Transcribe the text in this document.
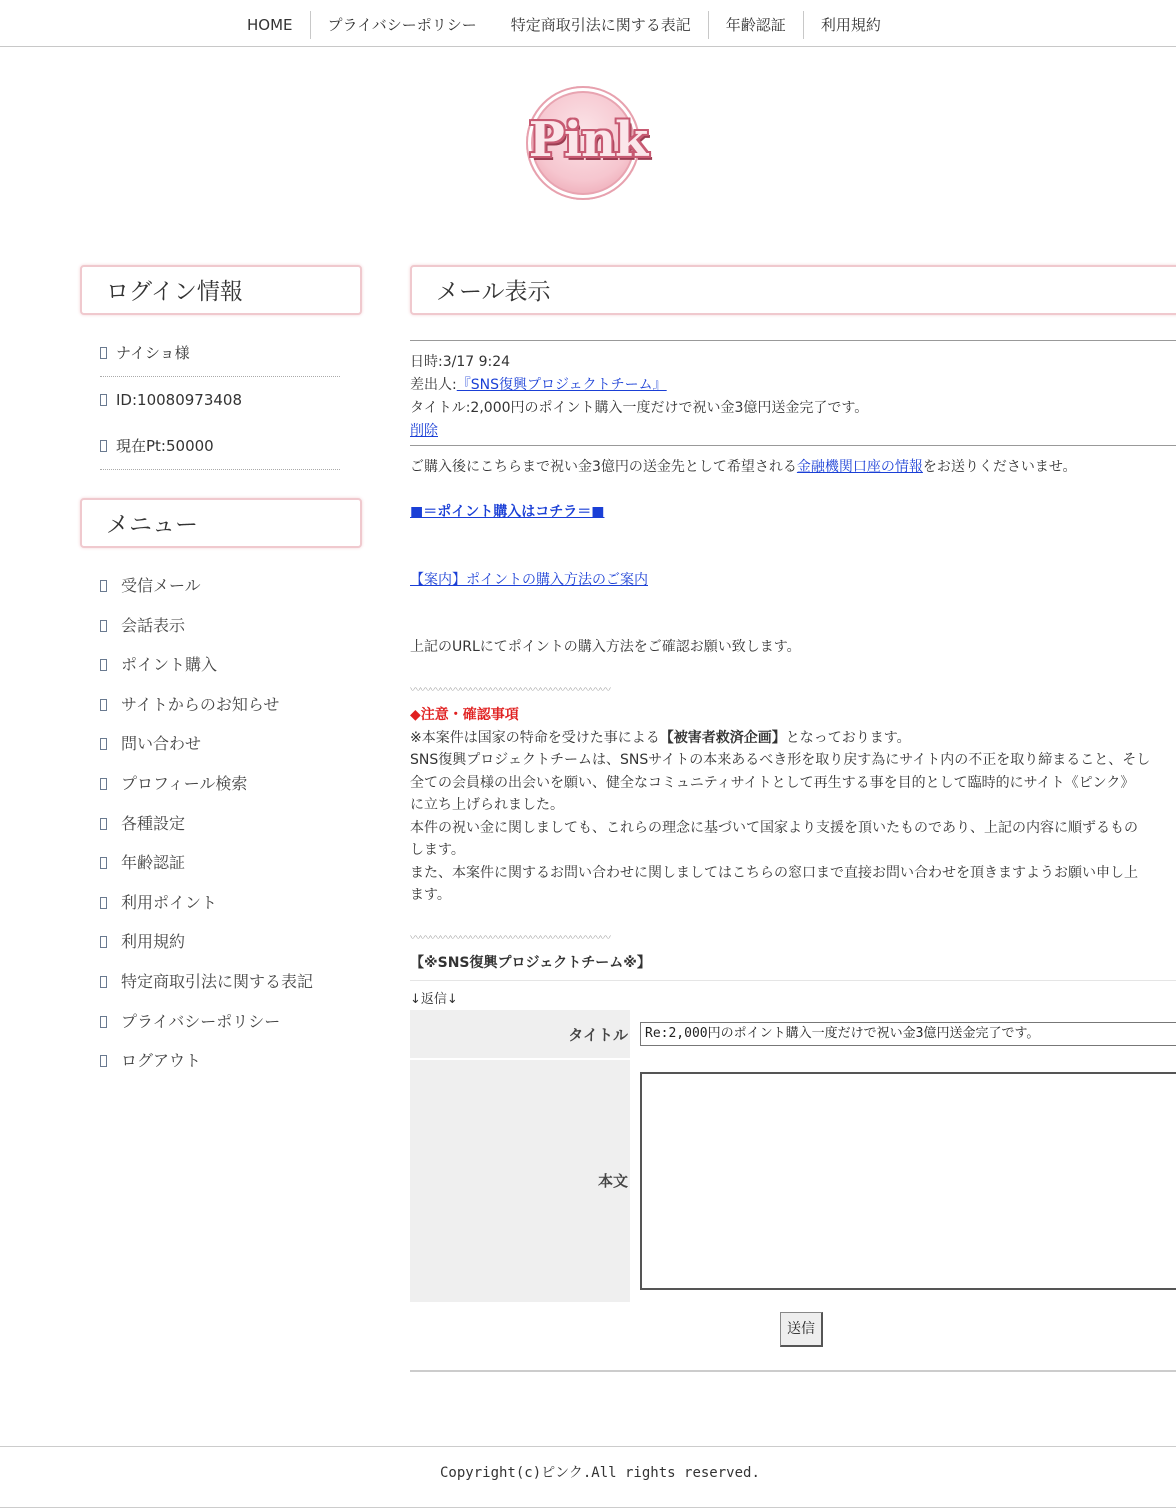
HOME	プライバシーポリシー	特定商取引法に関する表記	年齢認証	利用規約
Pink
ログイン情報
ナイショ様
ID:10080973408
現在Pt:50000
メニュー
受信メール
会話表示
ポイント購入
サイトからのお知らせ
問い合わせ
プロフィール検索
各種設定
年齢認証
利用ポイント
利用規約
特定商取引法に関する表記
プライバシーポリシー
ログアウト
メール表示
日時:3/17 9:24
差出人:『SNS復興プロジェクトチーム』
タイトル:2,000円のポイント購入一度だけで祝い金3億円送金完了です。
削除
ご購入後にこちらまで祝い金3億円の送金先として希望される金融機関口座の情報をお送りくださいませ。
■＝ポイント購入はコチラ＝■
【案内】ポイントの購入方法のご案内
上記のURLにてポイントの購入方法をご確認お願い致します。
〰〰〰〰〰〰〰〰〰〰〰〰〰〰〰〰〰〰〰〰
◆注意・確認事項
※本案件は国家の特命を受けた事による【被害者救済企画】となっております。
SNS復興プロジェクトチームは、SNSサイトの本来あるべき形を取り戻す為にサイト内の不正を取り締まること、そし
全ての会員様の出会いを願い、健全なコミュニティサイトとして再生する事を目的として臨時的にサイト《ピンク》
に立ち上げられました。
本件の祝い金に関しましても、これらの理念に基づいて国家より支援を頂いたものであり、上記の内容に順ずるもの
します。
また、本案件に関するお問い合わせに関しましてはこちらの窓口まで直接お問い合わせを頂きますようお願い申し上
ます。
〰〰〰〰〰〰〰〰〰〰〰〰〰〰〰〰〰〰〰〰
【※SNS復興プロジェクトチーム※】
↓返信↓
タイトル	Re:2,000円のポイント購入一度だけで祝い金3億円送金完了です。
本文
送信
Copyright(c)ピンク.All rights reserved.
